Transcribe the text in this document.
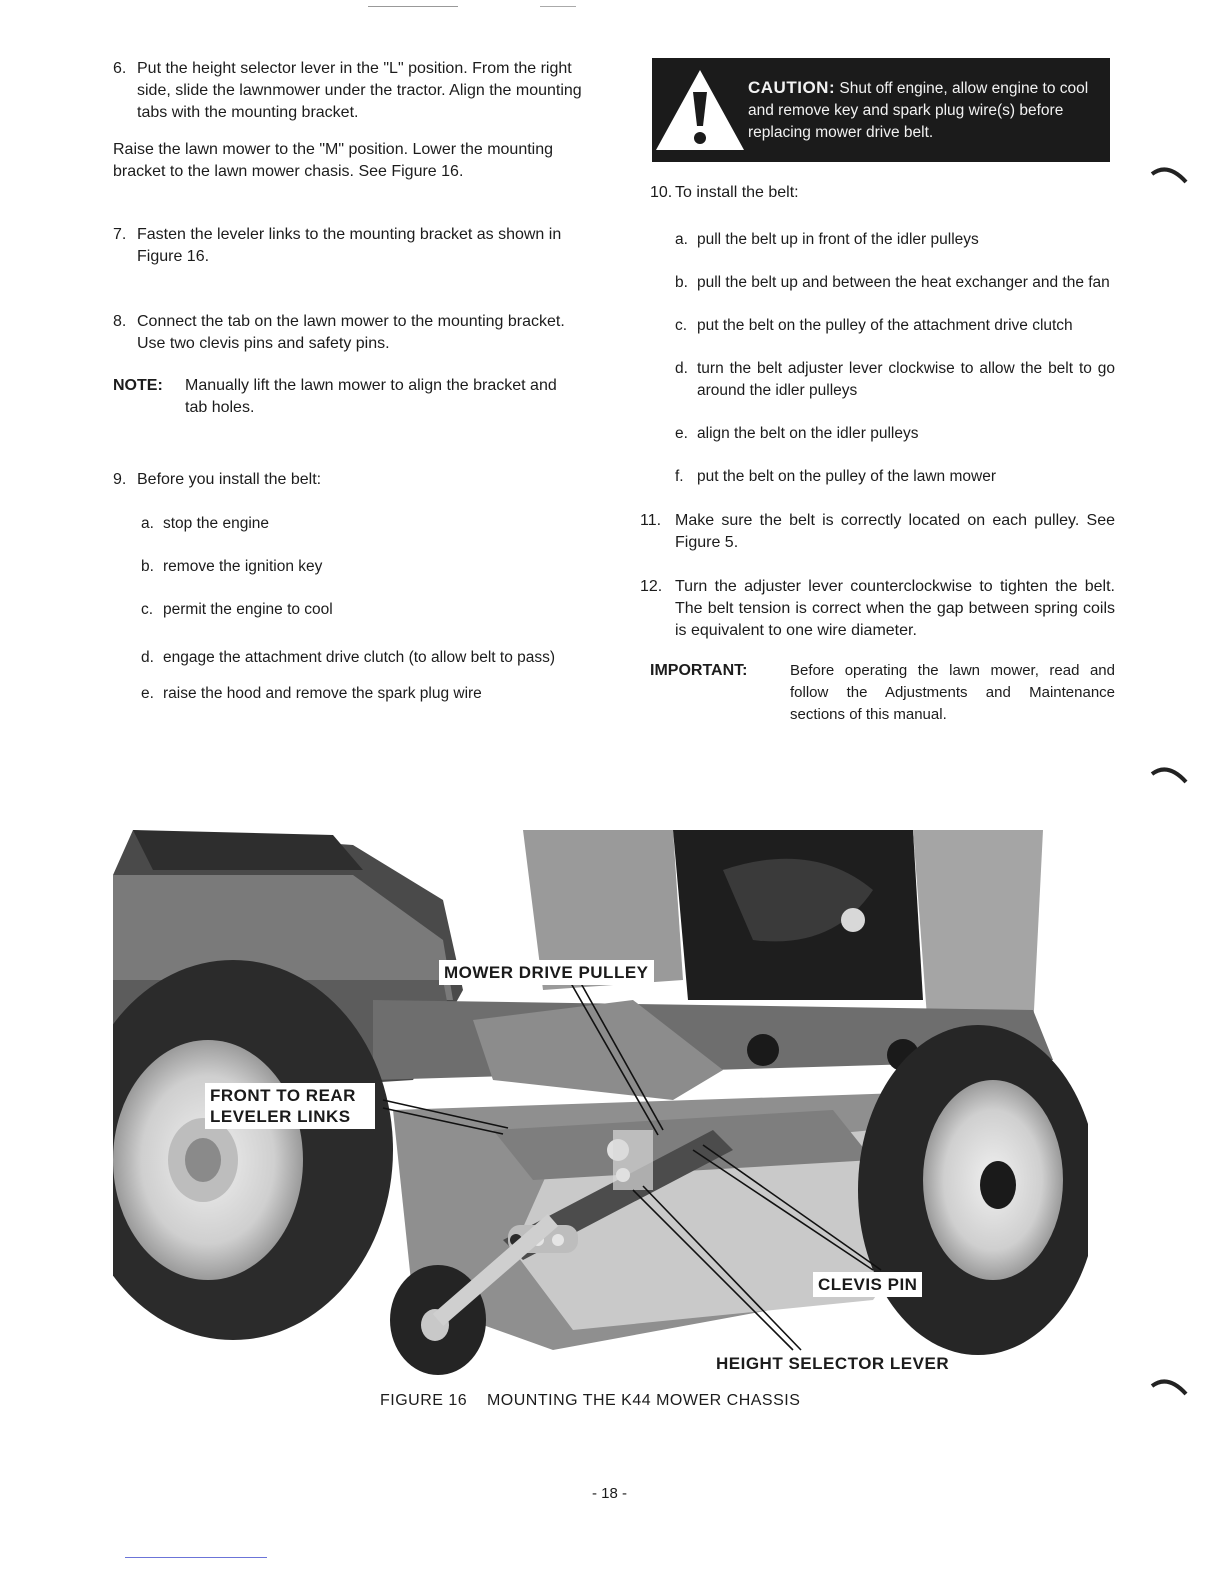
6. Put the height selector lever in the "L" position. From the right side, slide the lawnmower under the tractor. Align the mounting tabs with the mounting bracket.

Raise the lawn mower to the "M" position. Lower the mounting bracket to the lawn mower chasis. See Figure 16.

7. Fasten the leveler links to the mounting bracket as shown in Figure 16.

8. Connect the tab on the lawn mower to the mounting bracket. Use two clevis pins and safety pins.

NOTE:	Manually lift the lawn mower to align the bracket and tab holes.

9. Before you install the belt:

a. stop the engine
b. remove the ignition key
c. permit the engine to cool
d. engage the attachment drive clutch (to allow belt to pass)
e. raise the hood and remove the spark plug wire
CAUTION: Shut off engine, allow engine to cool and remove key and spark plug wire(s) before replacing mower drive belt.
10. To install the belt:

a. pull the belt up in front of the idler pulleys
b. pull the belt up and between the heat exchanger and the fan
c. put the belt on the pulley of the attachment drive clutch
d. turn the belt adjuster lever clockwise to allow the belt to go around the idler pulleys
e. align the belt on the idler pulleys
f. put the belt on the pulley of the lawn mower
11. Make sure the belt is correctly located on each pulley. See Figure 5.

12. Turn the adjuster lever counterclockwise to tighten the belt. The belt tension is correct when the gap between spring coils is equivalent to one wire diameter.

IMPORTANT:	Before operating the lawn mower, read and follow the Adjustments and Maintenance sections of this manual.

MOWER DRIVE PULLEY
FRONT TO REAR LEVELER LINKS
CLEVIS PIN
HEIGHT SELECTOR LEVER
FIGURE 16    MOUNTING THE K44 MOWER CHASSIS
- 18 -
